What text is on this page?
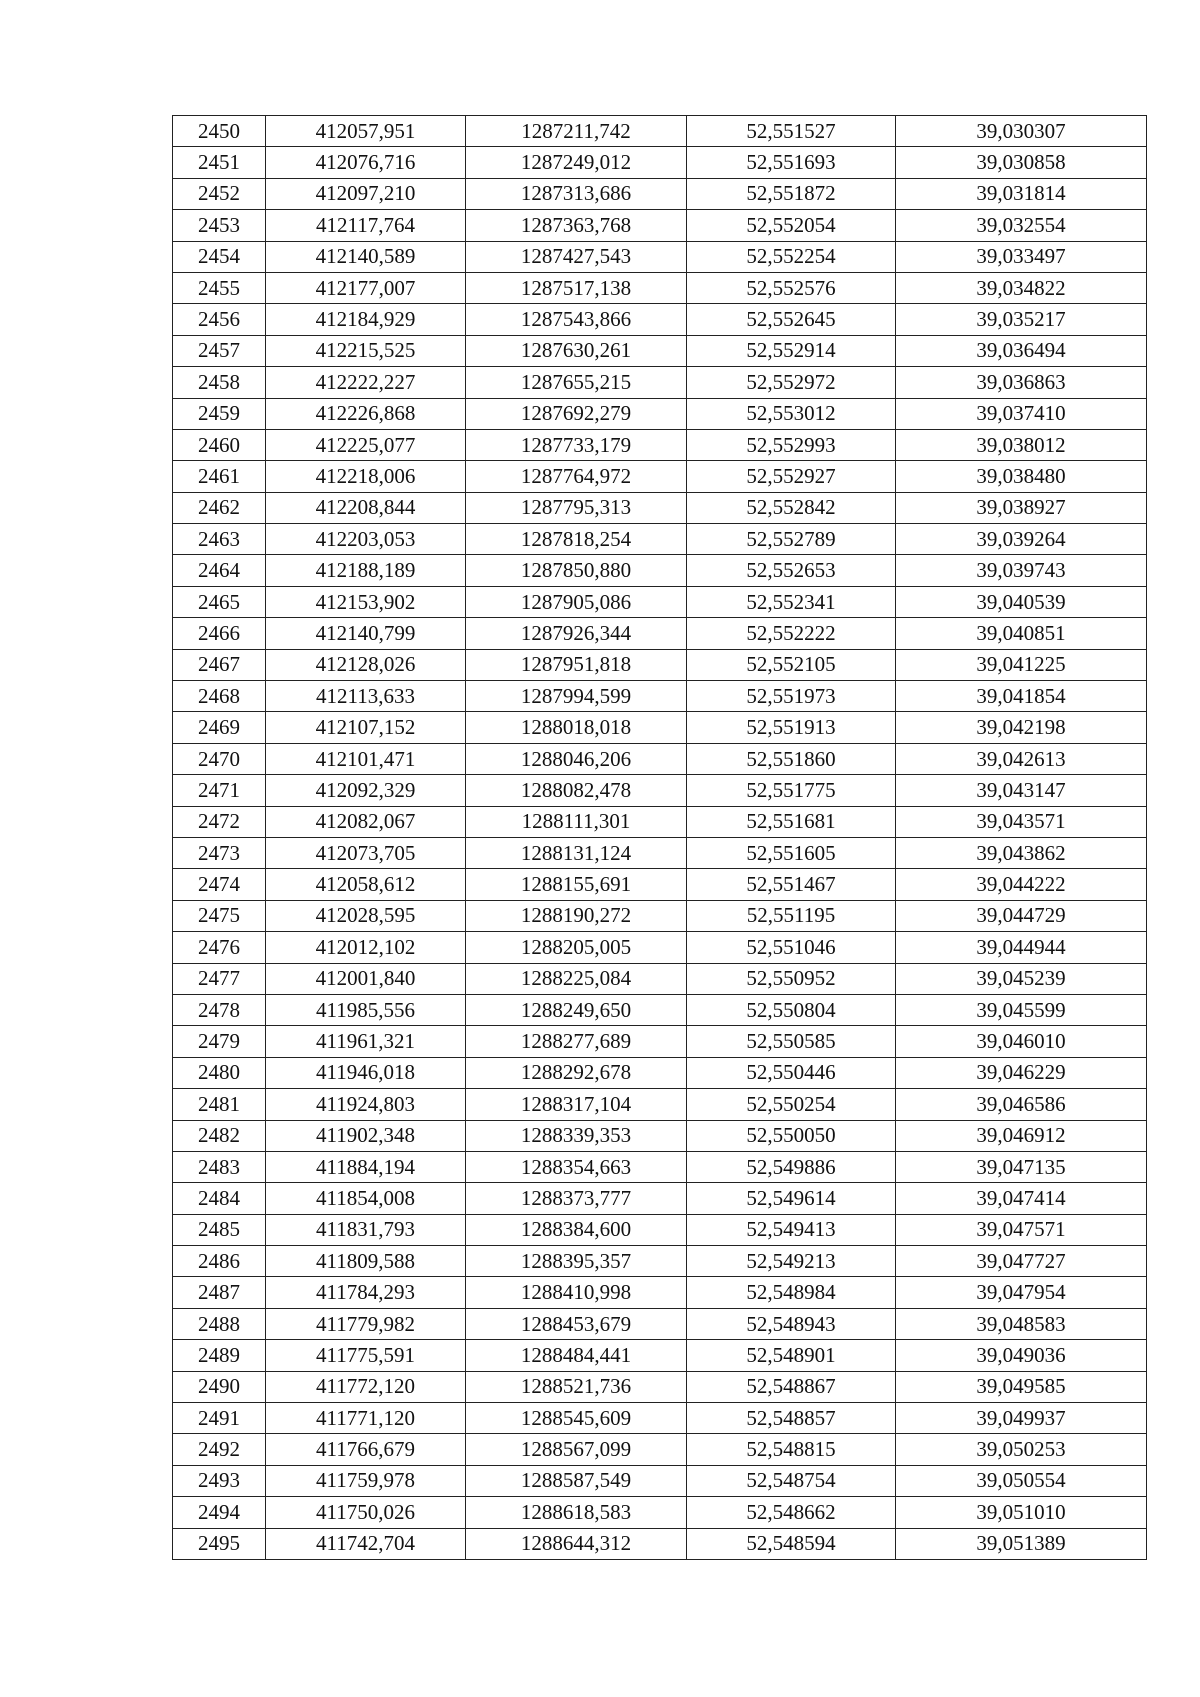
2450	412057,951	1287211,742	52,551527	39,030307
2451	412076,716	1287249,012	52,551693	39,030858
2452	412097,210	1287313,686	52,551872	39,031814
2453	412117,764	1287363,768	52,552054	39,032554
2454	412140,589	1287427,543	52,552254	39,033497
2455	412177,007	1287517,138	52,552576	39,034822
2456	412184,929	1287543,866	52,552645	39,035217
2457	412215,525	1287630,261	52,552914	39,036494
2458	412222,227	1287655,215	52,552972	39,036863
2459	412226,868	1287692,279	52,553012	39,037410
2460	412225,077	1287733,179	52,552993	39,038012
2461	412218,006	1287764,972	52,552927	39,038480
2462	412208,844	1287795,313	52,552842	39,038927
2463	412203,053	1287818,254	52,552789	39,039264
2464	412188,189	1287850,880	52,552653	39,039743
2465	412153,902	1287905,086	52,552341	39,040539
2466	412140,799	1287926,344	52,552222	39,040851
2467	412128,026	1287951,818	52,552105	39,041225
2468	412113,633	1287994,599	52,551973	39,041854
2469	412107,152	1288018,018	52,551913	39,042198
2470	412101,471	1288046,206	52,551860	39,042613
2471	412092,329	1288082,478	52,551775	39,043147
2472	412082,067	1288111,301	52,551681	39,043571
2473	412073,705	1288131,124	52,551605	39,043862
2474	412058,612	1288155,691	52,551467	39,044222
2475	412028,595	1288190,272	52,551195	39,044729
2476	412012,102	1288205,005	52,551046	39,044944
2477	412001,840	1288225,084	52,550952	39,045239
2478	411985,556	1288249,650	52,550804	39,045599
2479	411961,321	1288277,689	52,550585	39,046010
2480	411946,018	1288292,678	52,550446	39,046229
2481	411924,803	1288317,104	52,550254	39,046586
2482	411902,348	1288339,353	52,550050	39,046912
2483	411884,194	1288354,663	52,549886	39,047135
2484	411854,008	1288373,777	52,549614	39,047414
2485	411831,793	1288384,600	52,549413	39,047571
2486	411809,588	1288395,357	52,549213	39,047727
2487	411784,293	1288410,998	52,548984	39,047954
2488	411779,982	1288453,679	52,548943	39,048583
2489	411775,591	1288484,441	52,548901	39,049036
2490	411772,120	1288521,736	52,548867	39,049585
2491	411771,120	1288545,609	52,548857	39,049937
2492	411766,679	1288567,099	52,548815	39,050253
2493	411759,978	1288587,549	52,548754	39,050554
2494	411750,026	1288618,583	52,548662	39,051010
2495	411742,704	1288644,312	52,548594	39,051389
